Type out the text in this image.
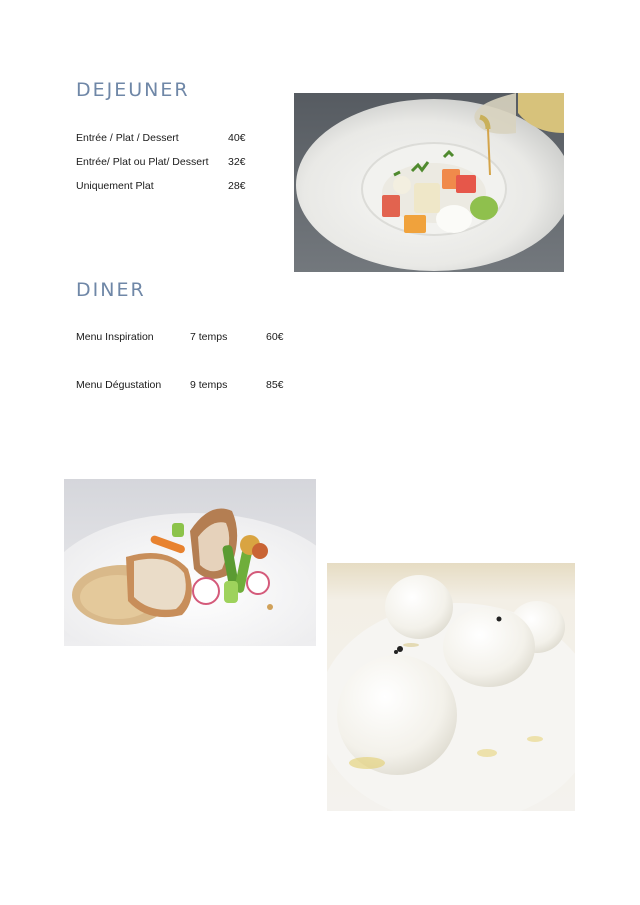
DEJEUNER
Entrée / Plat / Dessert	40€
Entrée/ Plat ou Plat/ Dessert 32€
Uniquement Plat	28€
DINER
Menu Inspiration	7 temps	60€
Menu Dégustation	9 temps	85€
